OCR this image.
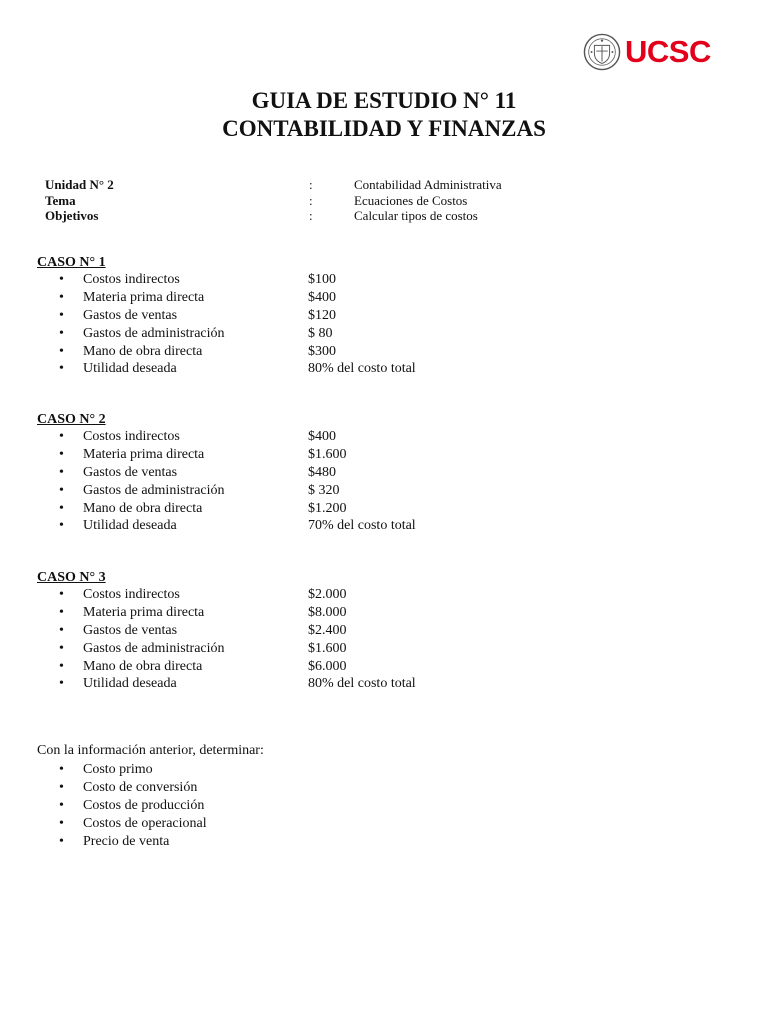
UCSC
GUIA DE ESTUDIO N° 11
CONTABILIDAD Y FINANZAS
Unidad N° 2	:	Contabilidad Administrativa
Tema	:	Ecuaciones de Costos
Objetivos	:	Calcular tipos de costos
CASO N° 1
• Costos indirectos	$100
• Materia prima directa	$400
• Gastos de ventas	$120
• Gastos de administración	$ 80
• Mano de obra directa	$300
• Utilidad deseada	80% del costo total
CASO N° 2
• Costos indirectos	$400
• Materia prima directa	$1.600
• Gastos de ventas	$480
• Gastos de administración	$ 320
• Mano de obra directa	$1.200
• Utilidad deseada	70% del costo total
CASO N° 3
• Costos indirectos	$2.000
• Materia prima directa	$8.000
• Gastos de ventas	$2.400
• Gastos de administración	$1.600
• Mano de obra directa	$6.000
• Utilidad deseada	80% del costo total
Con la información anterior, determinar:
• Costo primo
• Costo de conversión
• Costos de producción
• Costos de operacional
• Precio de venta
